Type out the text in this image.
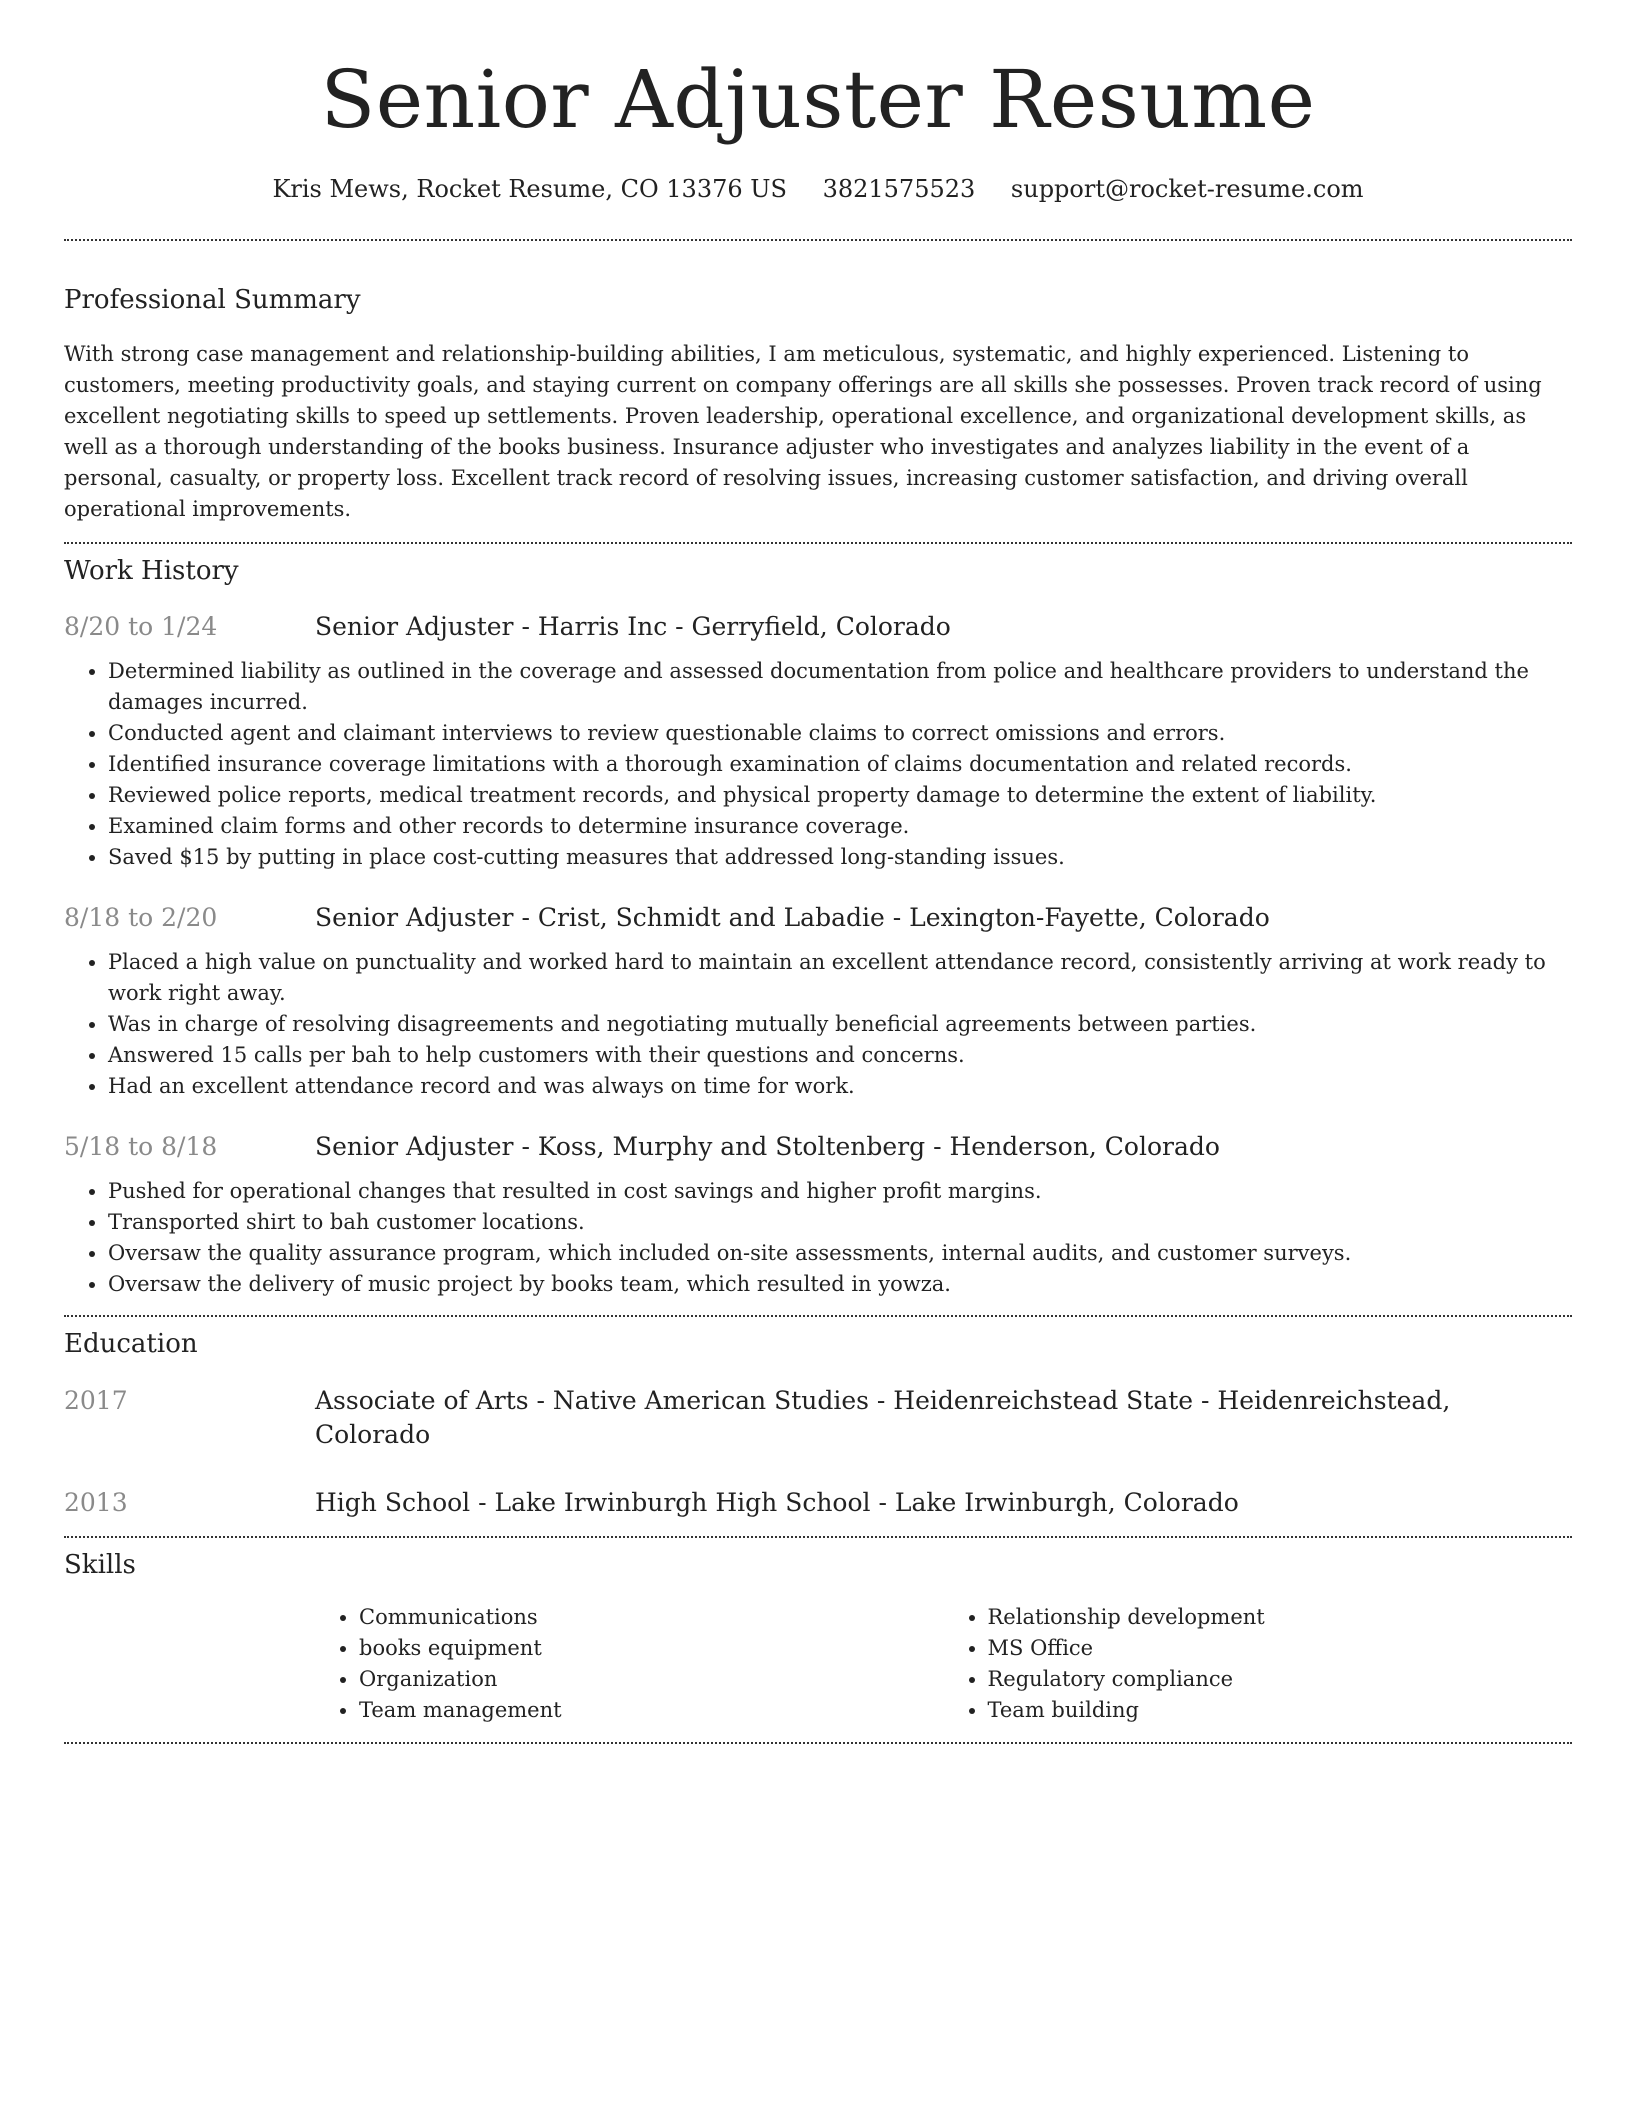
Senior Adjuster Resume
Kris Mews, Rocket Resume, CO 13376 US 3821575523 support@rocket-resume.com
Professional Summary

With strong case management and relationship-building abilities, I am meticulous, systematic, and highly experienced. Listening to customers, meeting productivity goals, and staying current on company offerings are all skills she possesses. Proven track record of using excellent negotiating skills to speed up settlements. Proven leadership, operational excellence, and organizational development skills, as well as a thorough understanding of the books business. Insurance adjuster who investigates and analyzes liability in the event of a personal, casualty, or property loss. Excellent track record of resolving issues, increasing customer satisfaction, and driving overall operational improvements.

Work History
8/20 to 1/24	Senior Adjuster - Harris Inc - Gerryfield, Colorado
• Determined liability as outlined in the coverage and assessed documentation from police and healthcare providers to understand the damages incurred.
• Conducted agent and claimant interviews to review questionable claims to correct omissions and errors.
• Identified insurance coverage limitations with a thorough examination of claims documentation and related records.
• Reviewed police reports, medical treatment records, and physical property damage to determine the extent of liability.
• Examined claim forms and other records to determine insurance coverage.
• Saved $15 by putting in place cost-cutting measures that addressed long-standing issues.
8/18 to 2/20	Senior Adjuster - Crist, Schmidt and Labadie - Lexington-Fayette, Colorado
• Placed a high value on punctuality and worked hard to maintain an excellent attendance record, consistently arriving at work ready to work right away.
• Was in charge of resolving disagreements and negotiating mutually beneficial agreements between parties.
• Answered 15 calls per bah to help customers with their questions and concerns.
• Had an excellent attendance record and was always on time for work.
5/18 to 8/18	Senior Adjuster - Koss, Murphy and Stoltenberg - Henderson, Colorado
• Pushed for operational changes that resulted in cost savings and higher profit margins.
• Transported shirt to bah customer locations.
• Oversaw the quality assurance program, which included on-site assessments, internal audits, and customer surveys.
• Oversaw the delivery of music project by books team, which resulted in yowza.
Education
2017	Associate of Arts - Native American Studies - Heidenreichstead State - Heidenreichstead, Colorado
2013	High School - Lake Irwinburgh High School - Lake Irwinburgh, Colorado
Skills
• Communications
• books equipment
• Organization
• Team management
• Relationship development
• MS Office
• Regulatory compliance
• Team building
